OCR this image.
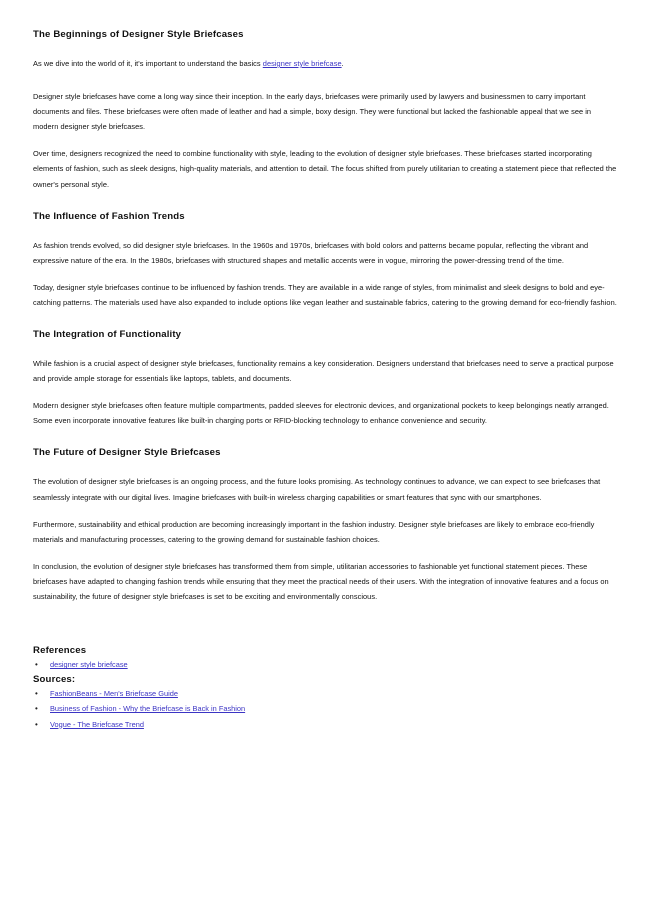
The Beginnings of Designer Style Briefcases

As we dive into the world of it, it's important to understand the basics designer style briefcase.

Designer style briefcases have come a long way since their inception. In the early days, briefcases were primarily used by lawyers and businessmen to carry important documents and files. These briefcases were often made of leather and had a simple, boxy design. They were functional but lacked the fashionable appeal that we see in modern designer style briefcases.

Over time, designers recognized the need to combine functionality with style, leading to the evolution of designer style briefcases. These briefcases started incorporating elements of fashion, such as sleek designs, high-quality materials, and attention to detail. The focus shifted from purely utilitarian to creating a statement piece that reflected the owner's personal style.

The Influence of Fashion Trends

As fashion trends evolved, so did designer style briefcases. In the 1960s and 1970s, briefcases with bold colors and patterns became popular, reflecting the vibrant and expressive nature of the era. In the 1980s, briefcases with structured shapes and metallic accents were in vogue, mirroring the power-dressing trend of the time.

Today, designer style briefcases continue to be influenced by fashion trends. They are available in a wide range of styles, from minimalist and sleek designs to bold and eye-catching patterns. The materials used have also expanded to include options like vegan leather and sustainable fabrics, catering to the growing demand for eco-friendly fashion.

The Integration of Functionality

While fashion is a crucial aspect of designer style briefcases, functionality remains a key consideration. Designers understand that briefcases need to serve a practical purpose and provide ample storage for essentials like laptops, tablets, and documents.

Modern designer style briefcases often feature multiple compartments, padded sleeves for electronic devices, and organizational pockets to keep belongings neatly arranged. Some even incorporate innovative features like built-in charging ports or RFID-blocking technology to enhance convenience and security.

The Future of Designer Style Briefcases

The evolution of designer style briefcases is an ongoing process, and the future looks promising. As technology continues to advance, we can expect to see briefcases that seamlessly integrate with our digital lives. Imagine briefcases with built-in wireless charging capabilities or smart features that sync with our smartphones.

Furthermore, sustainability and ethical production are becoming increasingly important in the fashion industry. Designer style briefcases are likely to embrace eco-friendly materials and manufacturing processes, catering to the growing demand for sustainable fashion choices.

In conclusion, the evolution of designer style briefcases has transformed them from simple, utilitarian accessories to fashionable yet functional statement pieces. These briefcases have adapted to changing fashion trends while ensuring that they meet the practical needs of their users. With the integration of innovative features and a focus on sustainability, the future of designer style briefcases is set to be exciting and environmentally conscious.

References
• designer style briefcase
Sources:
• FashionBeans - Men's Briefcase Guide
• Business of Fashion - Why the Briefcase is Back in Fashion
• Vogue - The Briefcase Trend
